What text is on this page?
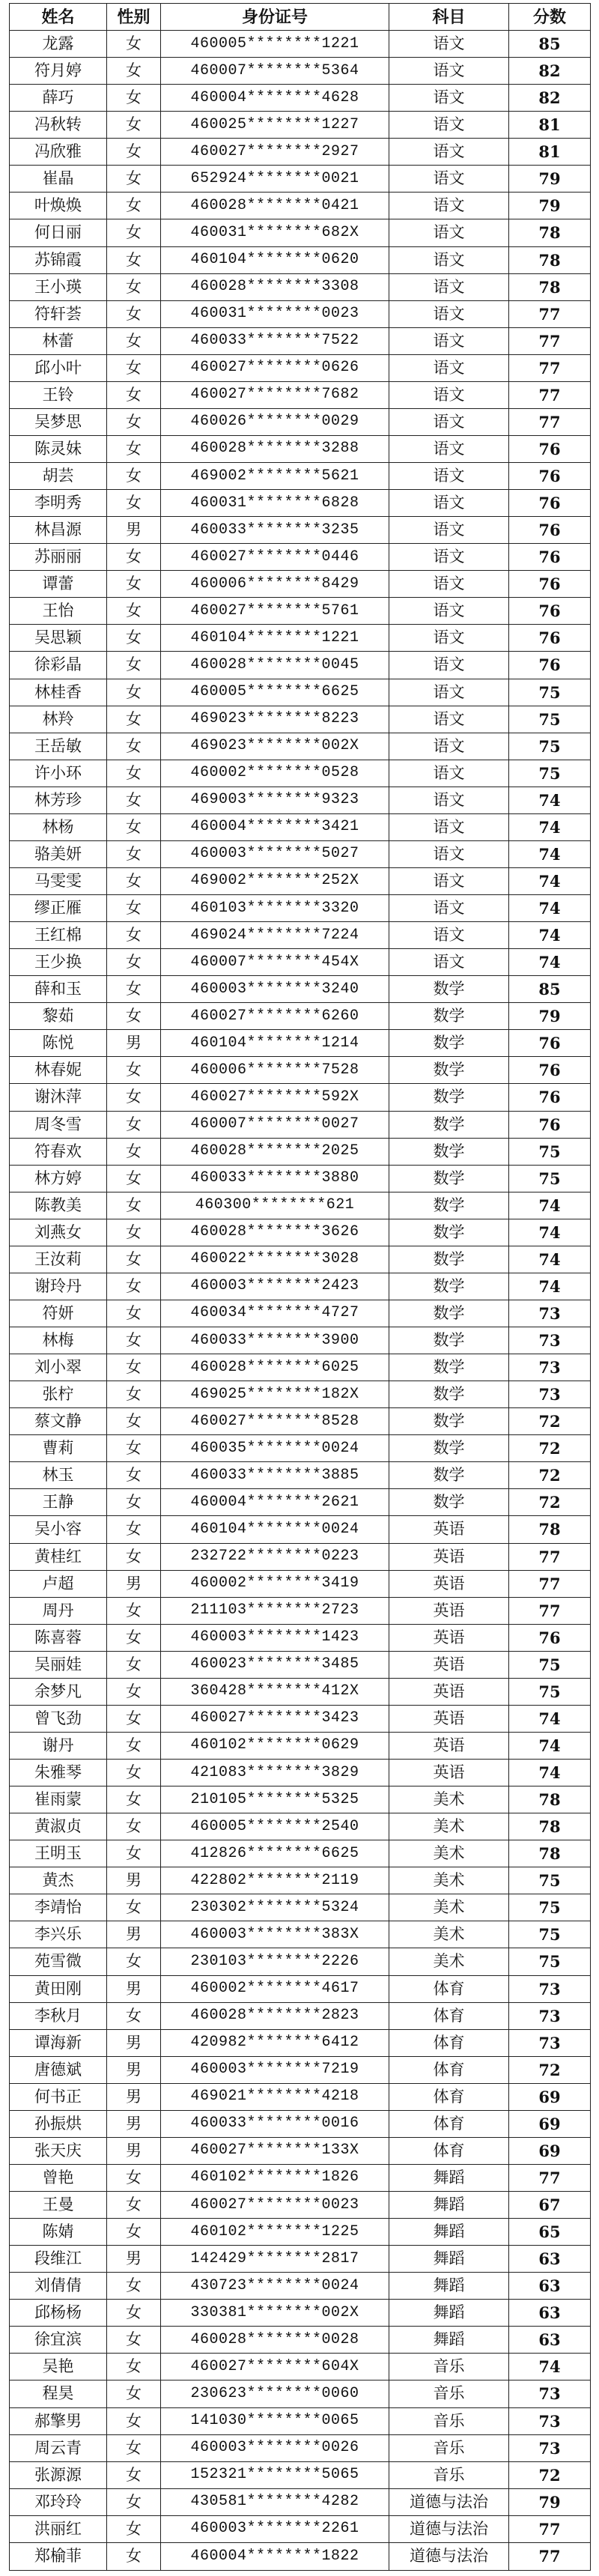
姓名	性别	身份证号	科目	分数
龙露	女	460005********1221	语文	85
符月婷	女	460007********5364	语文	82
薛巧	女	460004********4628	语文	82
冯秋转	女	460025********1227	语文	81
冯欣雅	女	460027********2927	语文	81
崔晶	女	652924********0021	语文	79
叶焕焕	女	460028********0421	语文	79
何日丽	女	460031********682X	语文	78
苏锦霞	女	460104********0620	语文	78
王小瑛	女	460028********3308	语文	78
符轩荟	女	460031********0023	语文	77
林蕾	女	460033********7522	语文	77
邱小叶	女	460027********0626	语文	77
王铃	女	460027********7682	语文	77
吴梦思	女	460026********0029	语文	77
陈灵妹	女	460028********3288	语文	76
胡芸	女	469002********5621	语文	76
李明秀	女	460031********6828	语文	76
林昌源	男	460033********3235	语文	76
苏丽丽	女	460027********0446	语文	76
谭蕾	女	460006********8429	语文	76
王怡	女	460027********5761	语文	76
吴思颖	女	460104********1221	语文	76
徐彩晶	女	460028********0045	语文	76
林桂香	女	460005********6625	语文	75
林羚	女	469023********8223	语文	75
王岳敏	女	469023********002X	语文	75
许小环	女	460002********0528	语文	75
林芳珍	女	469003********9323	语文	74
林杨	女	460004********3421	语文	74
骆美妍	女	460003********5027	语文	74
马雯雯	女	469002********252X	语文	74
缪正雁	女	460103********3320	语文	74
王红棉	女	469024********7224	语文	74
王少换	女	460007********454X	语文	74
薛和玉	女	460003********3240	数学	85
黎茹	女	460027********6260	数学	79
陈悦	男	460104********1214	数学	76
林春妮	女	460006********7528	数学	76
谢沐萍	女	460027********592X	数学	76
周冬雪	女	460007********0027	数学	76
符春欢	女	460028********2025	数学	75
林方婷	女	460033********3880	数学	75
陈教美	女	460300********621	数学	74
刘燕女	女	460028********3626	数学	74
王汝莉	女	460022********3028	数学	74
谢玲丹	女	460003********2423	数学	74
符妍	女	460034********4727	数学	73
林梅	女	460033********3900	数学	73
刘小翠	女	460028********6025	数学	73
张柠	女	469025********182X	数学	73
蔡文静	女	460027********8528	数学	72
曹莉	女	460035********0024	数学	72
林玉	女	460033********3885	数学	72
王静	女	460004********2621	数学	72
吴小容	女	460104********0024	英语	78
黄桂红	女	232722********0223	英语	77
卢超	男	460002********3419	英语	77
周丹	女	211103********2723	英语	77
陈喜蓉	女	460003********1423	英语	76
吴丽娃	女	460023********3485	英语	75
余梦凡	女	360428********412X	英语	75
曾飞劲	女	460027********3423	英语	74
谢丹	女	460102********0629	英语	74
朱雅琴	女	421083********3829	英语	74
崔雨蒙	女	210105********5325	美术	78
黄淑贞	女	460005********2540	美术	78
王明玉	女	412826********6625	美术	78
黄杰	男	422802********2119	美术	75
李靖怡	女	230302********5324	美术	75
李兴乐	男	460003********383X	美术	75
苑雪微	女	230103********2226	美术	75
黄田刚	男	460002********4617	体育	73
李秋月	女	460028********2823	体育	73
谭海新	男	420982********6412	体育	73
唐德斌	男	460003********7219	体育	72
何书正	男	469021********4218	体育	69
孙振烘	男	460033********0016	体育	69
张天庆	男	460027********133X	体育	69
曾艳	女	460102********1826	舞蹈	77
王曼	女	460027********0023	舞蹈	67
陈婧	女	460102********1225	舞蹈	65
段维江	男	142429********2817	舞蹈	63
刘倩倩	女	430723********0024	舞蹈	63
邱杨杨	女	330381********002X	舞蹈	63
徐宜滨	女	460028********0028	舞蹈	63
吴艳	女	460027********604X	音乐	74
程昊	女	230623********0060	音乐	73
郝擎男	女	141030********0065	音乐	73
周云青	女	460003********0026	音乐	73
张源源	女	152321********5065	音乐	72
邓玲玲	女	430581********4282	道德与法治	79
洪丽红	女	460003********2261	道德与法治	77
郑榆菲	女	460004********1822	道德与法治	77
